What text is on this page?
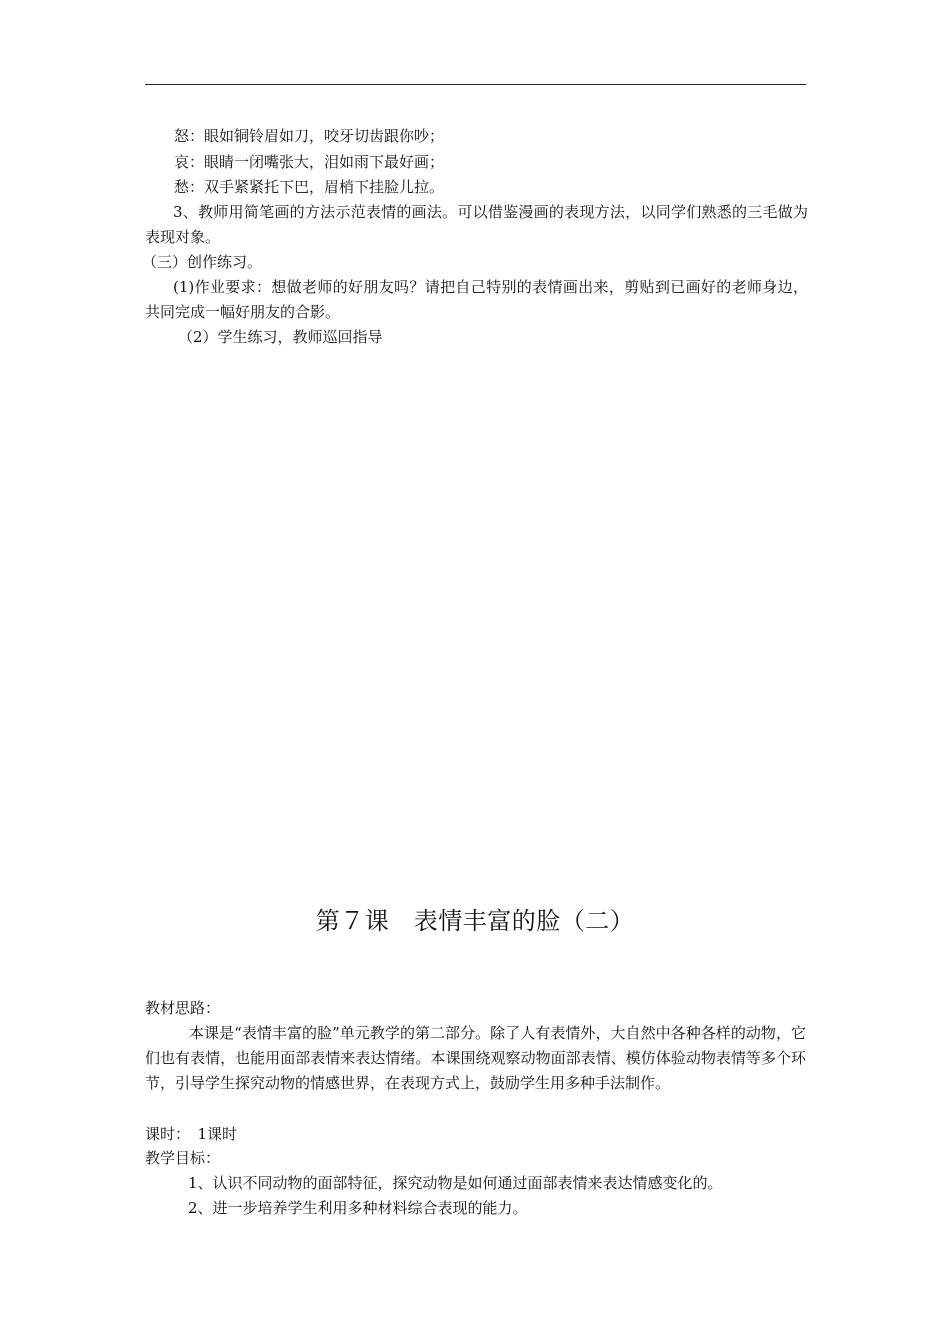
怒：眼如铜铃眉如刀，咬牙切齿跟你吵；
哀：眼睛一闭嘴张大，泪如雨下最好画；
愁：双手紧紧托下巴，眉梢下挂脸儿拉。
3、教师用简笔画的方法示范表情的画法。可以借鉴漫画的表现方法，以同学们熟悉的三毛做为表现对象。
（三）创作练习。
(1)作业要求：想做老师的好朋友吗？请把自己特别的表情画出来，剪贴到已画好的老师身边，共同完成一幅好朋友的合影。
（2）学生练习，教师巡回指导
第７课　表情丰富的脸（二）
教材思路：
本课是“表情丰富的脸”单元教学的第二部分。除了人有表情外，大自然中各种各样的动物，它们也有表情，也能用面部表情来表达情绪。本课围绕观察动物面部表情、模仿体验动物表情等多个环节，引导学生探究动物的情感世界，在表现方式上，鼓励学生用多种手法制作。
课时：　1课时
教学目标：
1、认识不同动物的面部特征，探究动物是如何通过面部表情来表达情感变化的。
2、进一步培养学生利用多种材料综合表现的能力。
